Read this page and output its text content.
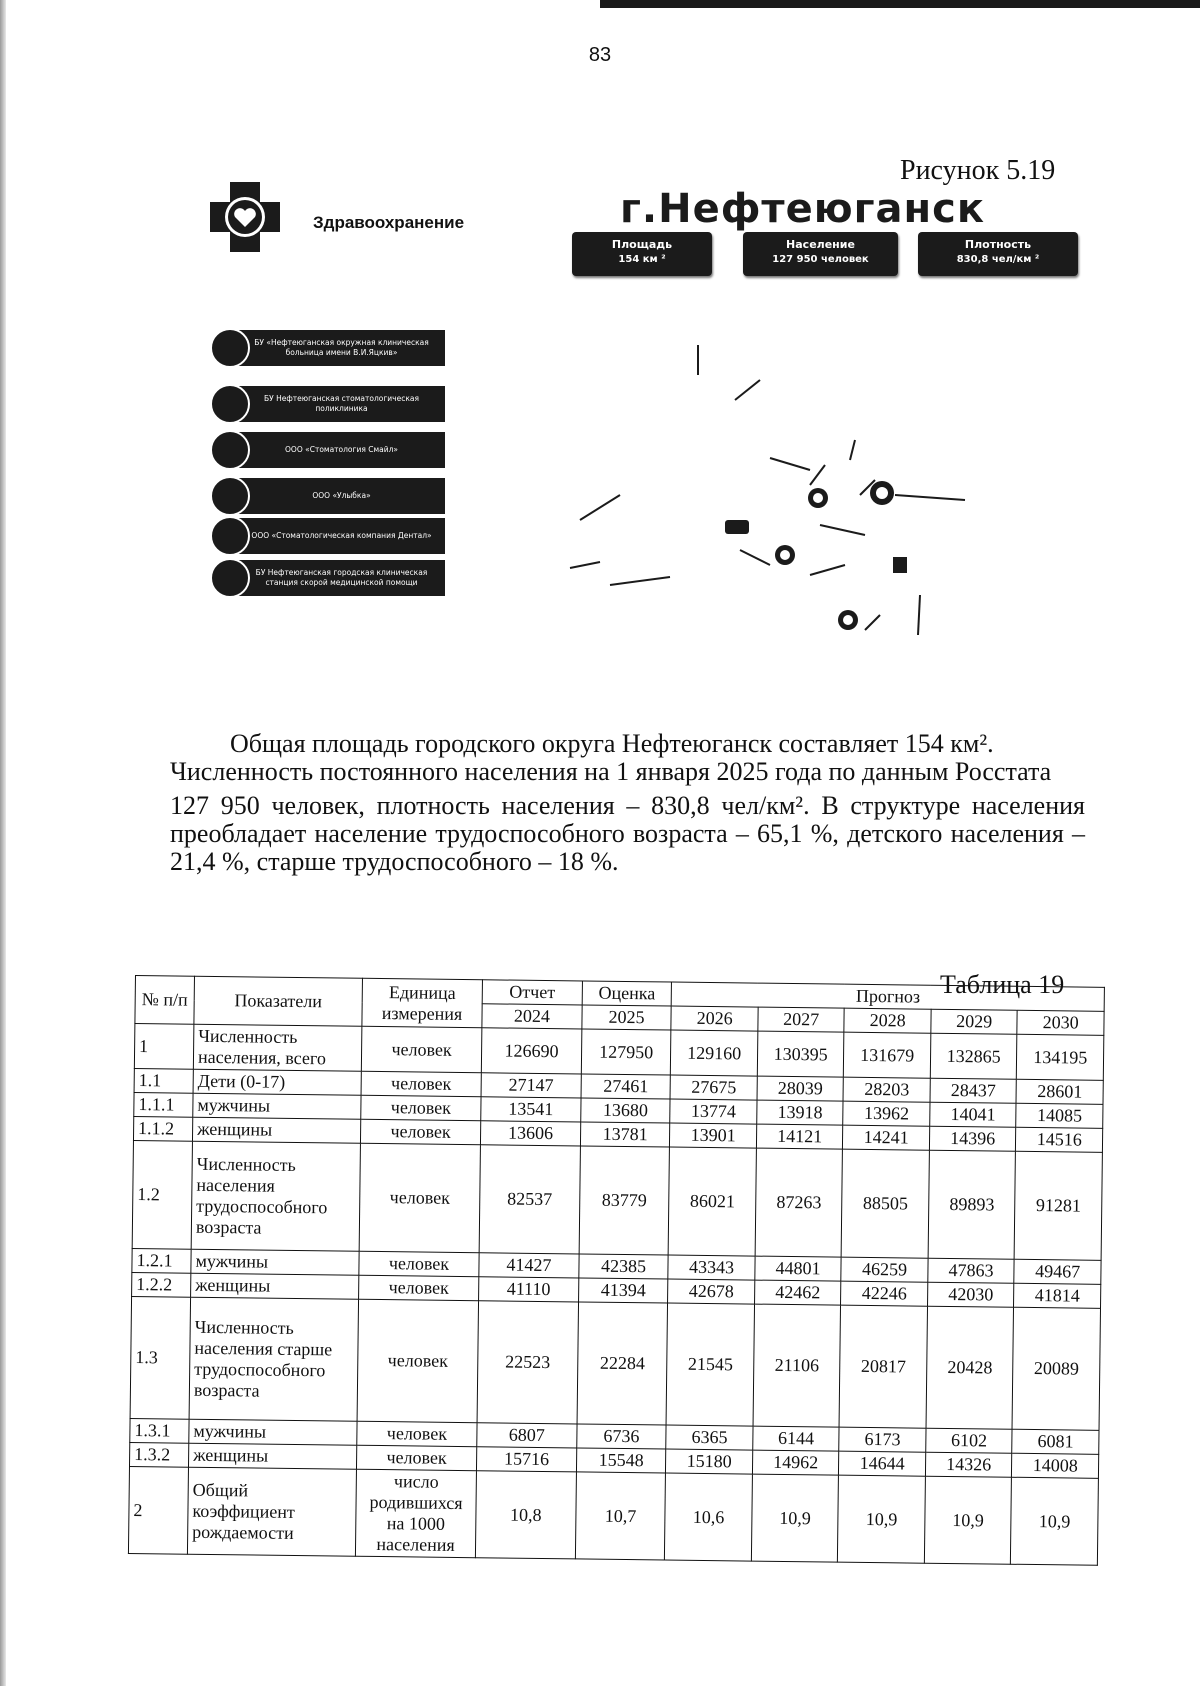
83
Рисунок 5.19
Здравоохранение	г.Нефтеюганск
Площадь
154 км ²
Население
127 950 человек
Плотность
830,8 чел/км ²
БУ «Нефтеюганская окружная клиническая больница имени В.И.Яцкив»
БУ Нефтеюганская стоматологическая поликлиника
ООО «Стоматология Смайл»
ООО «Улыбка»
ООО «Стоматологическая компания Дентал»
БУ Нефтеюганская городская клиническая станция скорой медицинской помощи

Общая площадь городского округа Нефтеюганск составляет 154 км².

Численность постоянного населения на 1 января 2025 года по данным Росстата

127 950 человек, плотность населения – 830,8 чел/км². В структуре населения преобладает население трудоспособного возраста – 65,1 %, детского населения – 21,4 %, старше трудоспособного – 18 %.

Таблица 19
№ п/п	Показатели	Единица измерения	Отчет	Оценка	Прогноз				
			2024	2025	2026	2027	2028	2029	2030
1	Численность населения, всего	человек	126690	127950	129160	130395	131679	132865	134195
1.1	Дети (0-17)	человек	27147	27461	27675	28039	28203	28437	28601
1.1.1	мужчины	человек	13541	13680	13774	13918	13962	14041	14085
1.1.2	женщины	человек	13606	13781	13901	14121	14241	14396	14516
1.2	Численность населения трудоспособного возраста	человек	82537	83779	86021	87263	88505	89893	91281
1.2.1	мужчины	человек	41427	42385	43343	44801	46259	47863	49467
1.2.2	женщины	человек	41110	41394	42678	42462	42246	42030	41814
1.3	Численность населения старше трудоспособного возраста	человек	22523	22284	21545	21106	20817	20428	20089
1.3.1	мужчины	человек	6807	6736	6365	6144	6173	6102	6081
1.3.2	женщины	человек	15716	15548	15180	14962	14644	14326	14008
2	Общий коэффициент рождаемости	число родившихся на 1000 населения	10,8	10,7	10,6	10,9	10,9	10,9	10,9
